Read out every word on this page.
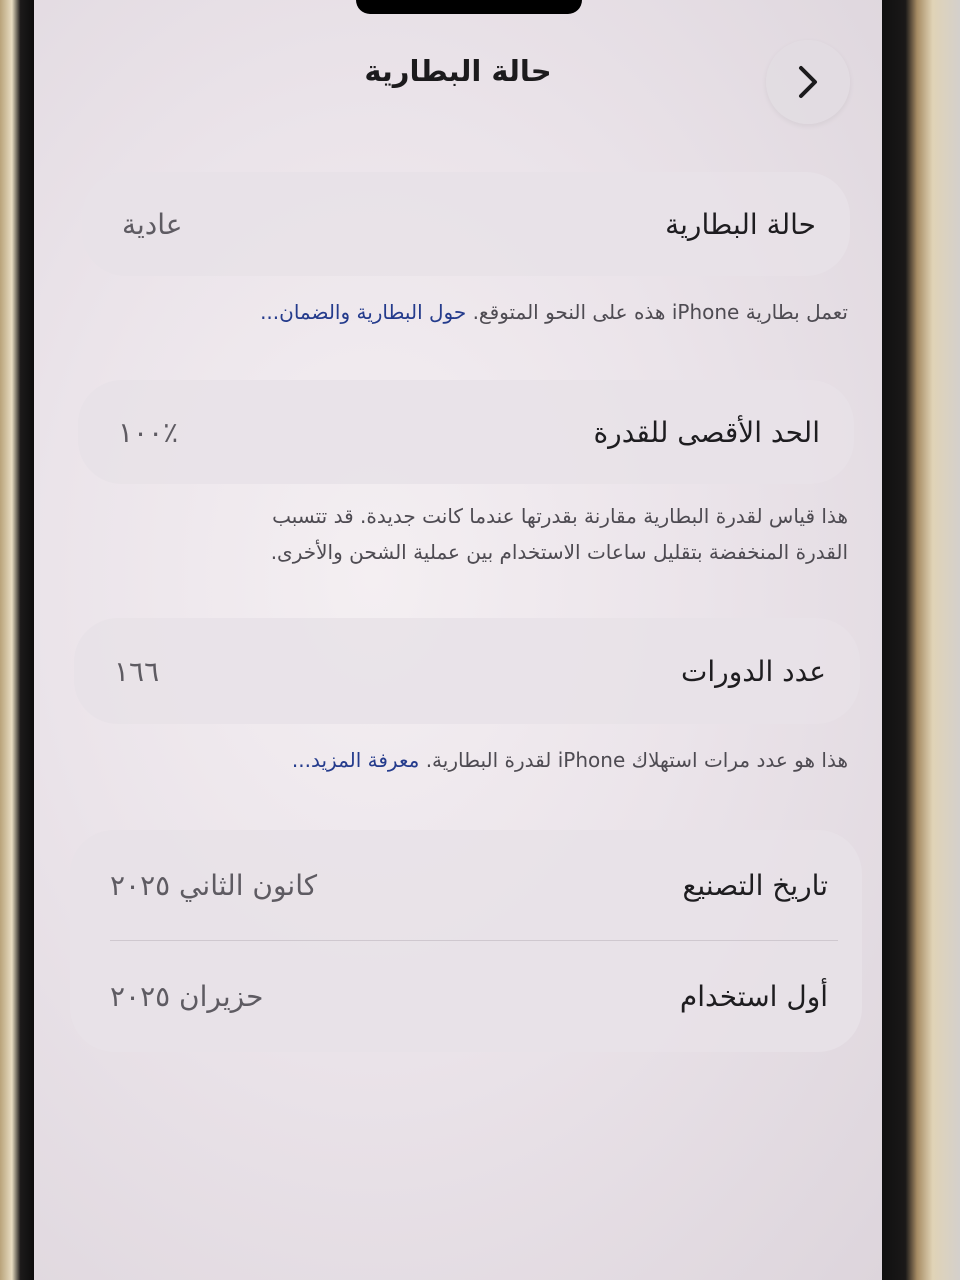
حالة البطارية
حالة البطارية
عادية
تعمل بطارية iPhone هذه على النحو المتوقع. حول البطارية والضمان...
الحد الأقصى للقدرة
٪١٠٠
هذا قياس لقدرة البطارية مقارنة بقدرتها عندما كانت جديدة. قد تتسبب
القدرة المنخفضة بتقليل ساعات الاستخدام بين عملية الشحن والأخرى.
عدد الدورات
١٦٦
هذا هو عدد مرات استهلاك iPhone لقدرة البطارية. معرفة المزيد...
تاريخ التصنيع
كانون الثاني ٢٠٢٥
أول استخدام
حزيران ٢٠٢٥
